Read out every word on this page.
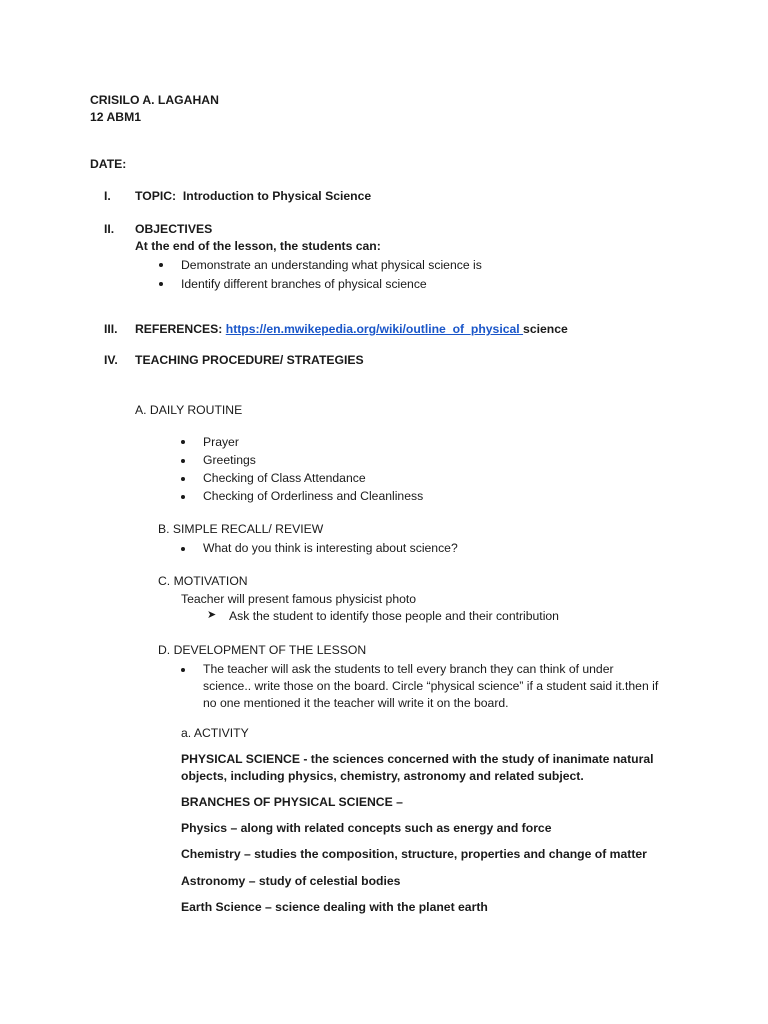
CRISILO A. LAGAHAN
12 ABM1
DATE:
I. TOPIC: Introduction to Physical Science
II. OBJECTIVES
At the end of the lesson, the students can:
Demonstrate an understanding what physical science is
Identify different branches of physical science
III. REFERENCES: https://en.mwikepedia.org/wiki/outline_of_physical science
IV. TEACHING PROCEDURE/ STRATEGIES
A. DAILY ROUTINE
Prayer
Greetings
Checking of Class Attendance
Checking of Orderliness and Cleanliness
B. SIMPLE RECALL/ REVIEW
What do you think is interesting about science?
C. MOTIVATION
Teacher will present famous physicist photo
➤ Ask the student to identify those people and their contribution
D. DEVELOPMENT OF THE LESSON
The teacher will ask the students to tell every branch they can think of under
science.. write those on the board. Circle “physical science” if a student said it.then if
no one mentioned it the teacher will write it on the board.
a. ACTIVITY
PHYSICAL SCIENCE - the sciences concerned with the study of inanimate natural
objects, including physics, chemistry, astronomy and related subject.
BRANCHES OF PHYSICAL SCIENCE –
Physics – along with related concepts such as energy and force
Chemistry – studies the composition, structure, properties and change of matter
Astronomy – study of celestial bodies
Earth Science – science dealing with the planet earth
